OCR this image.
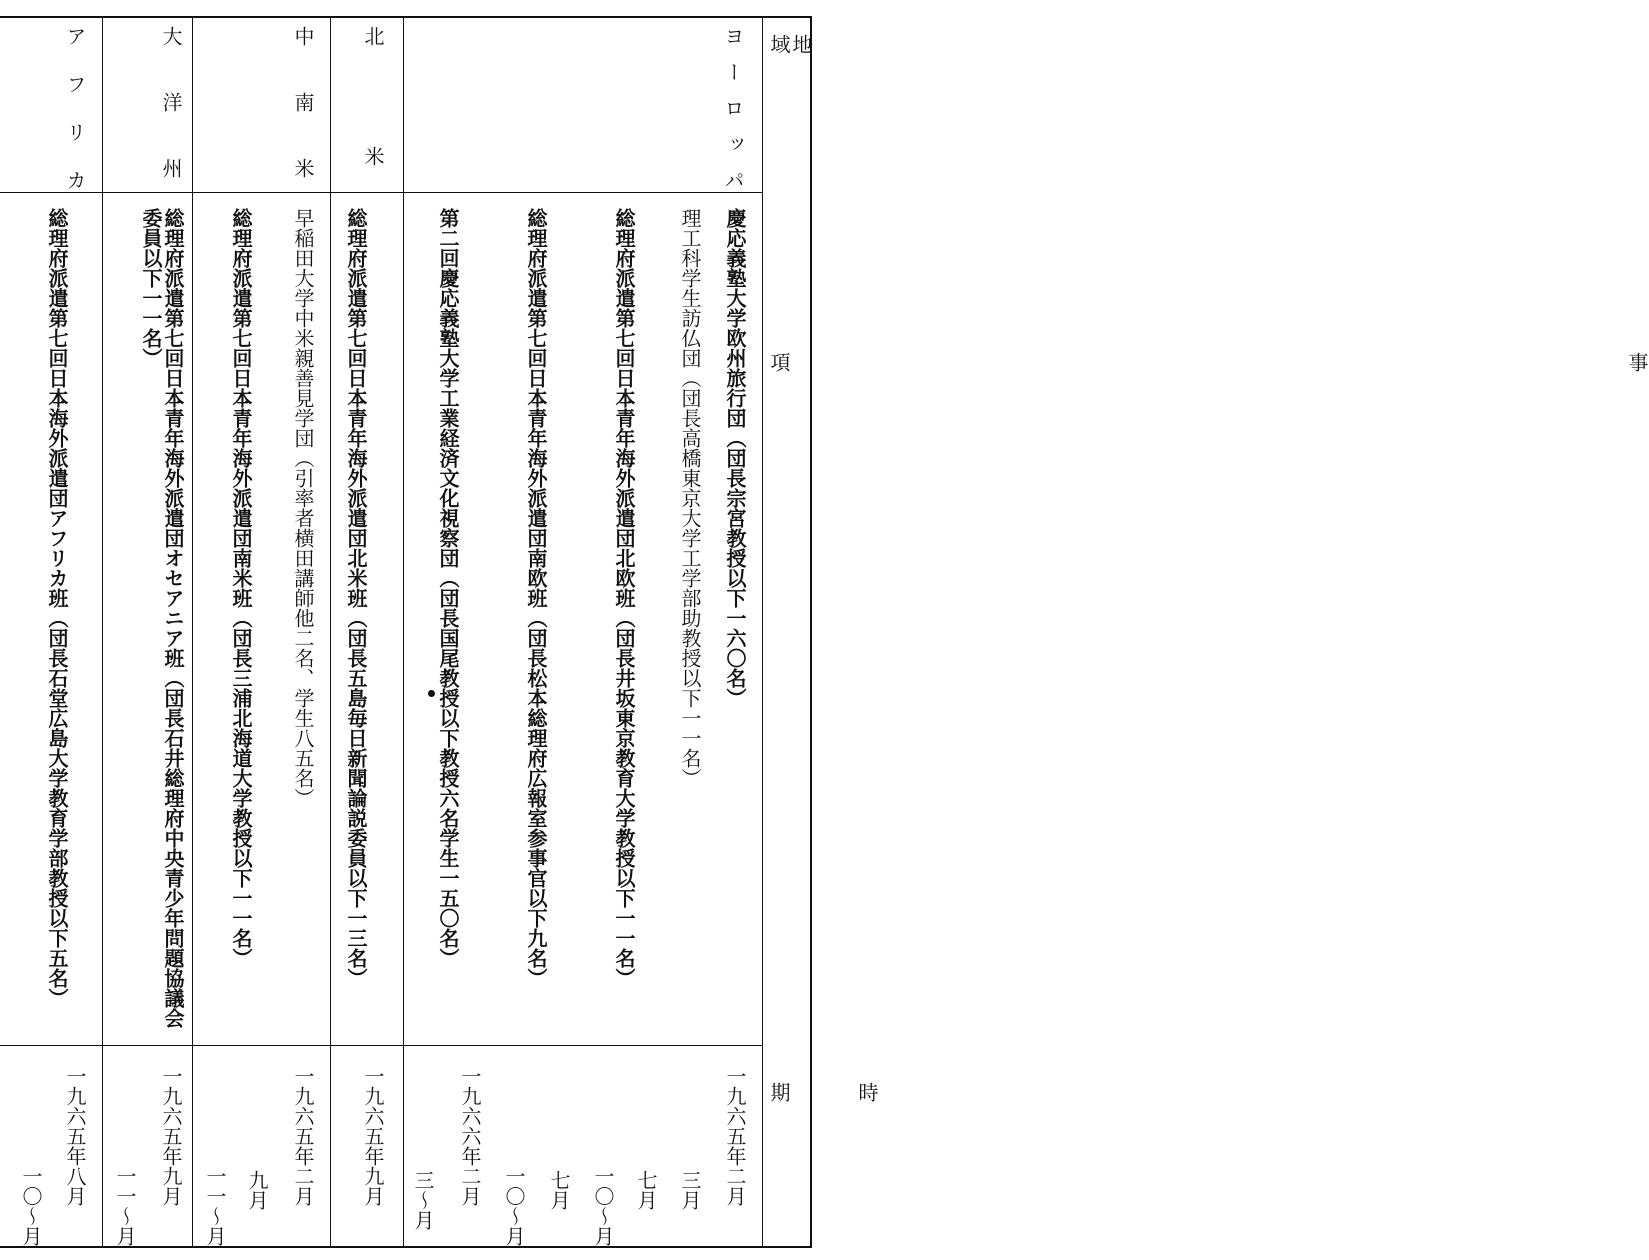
地
域
事

項
時

期
ヨーロッパ
慶応義塾大学欧州旅行団（団長宗宮教授以下一六〇名）
理工科学生訪仏団（団長高橋東京大学工学部助教授以下一一名）
総理府派遣第七回日本青年海外派遣団北欧班（団長井坂東京教育大学教授以下一一名）
総理府派遣第七回日本青年海外派遣団南欧班（団長松本総理府広報室参事官以下九名）
第二回慶応義塾大学工業経済文化視察団（団長国尾教授以下教授六名学生一五〇名）
一九六五年二月
三月
七月
一〇〜月
七月
一〇〜月
一九六六年二月
三〜月
北米
総理府派遣第七回日本青年海外派遣団北米班（団長五島毎日新聞論説委員以下一三名）
一九六五年九月
中南米
早稲田大学中米親善見学団（引率者横田講師他二名、学生八五名）
総理府派遣第七回日本青年海外派遣団南米班（団長三浦北海道大学教授以下一一名）
一九六五年二月
九月
一一〜月
大洋州
総理府派遣第七回日本青年海外派遣団オセアニア班（団長石井総理府中央青少年問題協議会委員以下一一名）
一九六五年九月
一一〜月
アフリカ
総理府派遣第七回日本海外派遣団アフリカ班（団長石堂広島大学教育学部教授以下五名）
一九六五年八月
一〇〜月
